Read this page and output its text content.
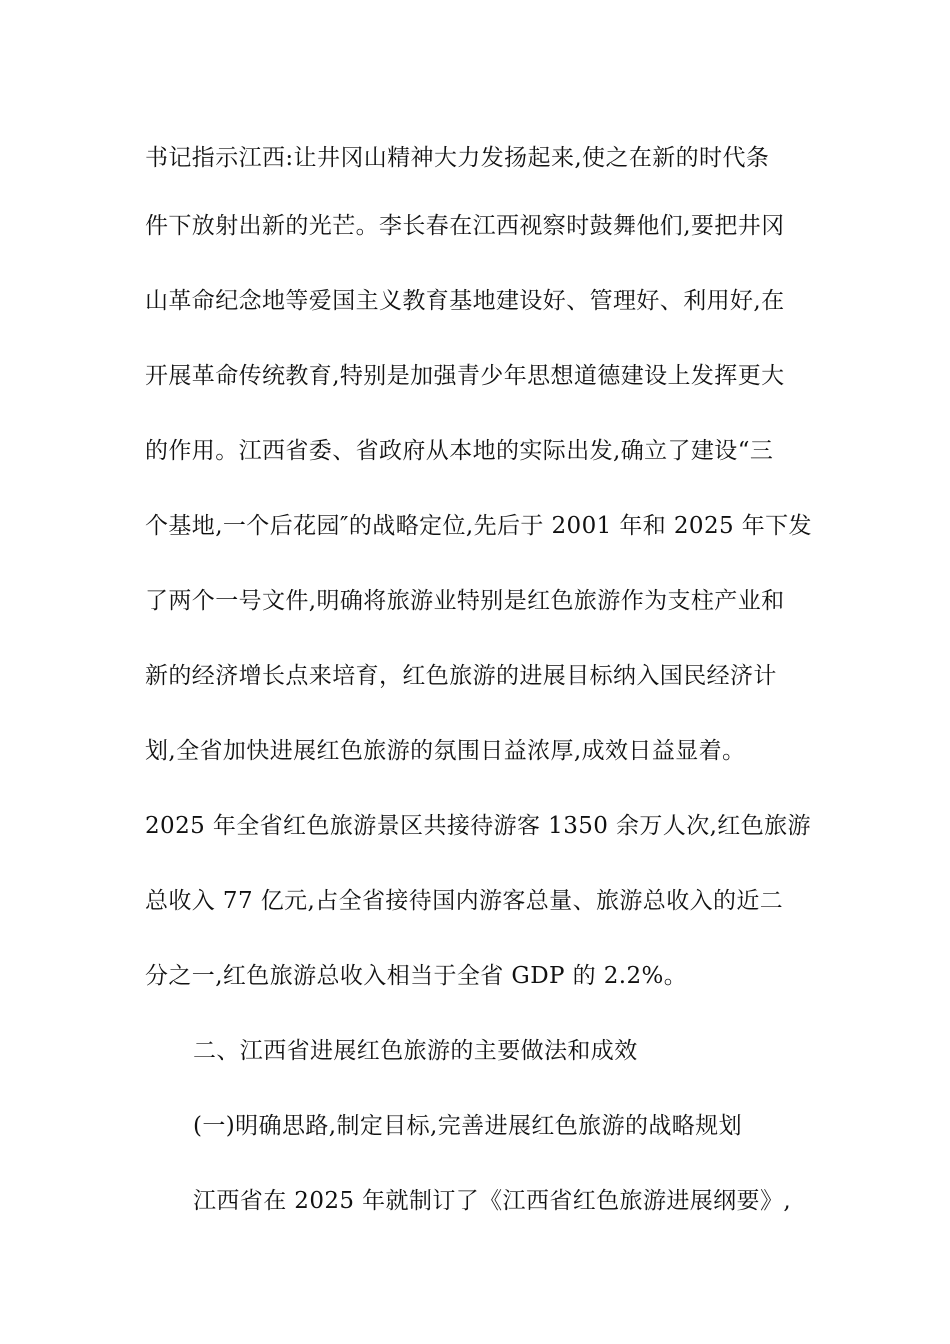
书记指示江西:让井冈山精神大力发扬起来,使之在新的时代条
件下放射出新的光芒。李长春在江西视察时鼓舞他们,要把井冈
山革命纪念地等爱国主义教育基地建设好、管理好、利用好,在
开展革命传统教育,特别是加强青少年思想道德建设上发挥更大
的作用。江西省委、省政府从本地的实际出发,确立了建设“三
个基地,一个后花园″的战略定位,先后于 2001 年和 2025 年下发
了两个一号文件,明确将旅游业特别是红色旅游作为支柱产业和
新的经济增长点来培育，红色旅游的进展目标纳入国民经济计
划,全省加快进展红色旅游的氛围日益浓厚,成效日益显着。
2025 年全省红色旅游景区共接待游客 1350 余万人次,红色旅游
总收入 77 亿元,占全省接待国内游客总量、旅游总收入的近二
分之一,红色旅游总收入相当于全省 GDP 的 2.2%。
二、江西省进展红色旅游的主要做法和成效
(一)明确思路,制定目标,完善进展红色旅游的战略规划
江西省在 2025 年就制订了《江西省红色旅游进展纲要》,
